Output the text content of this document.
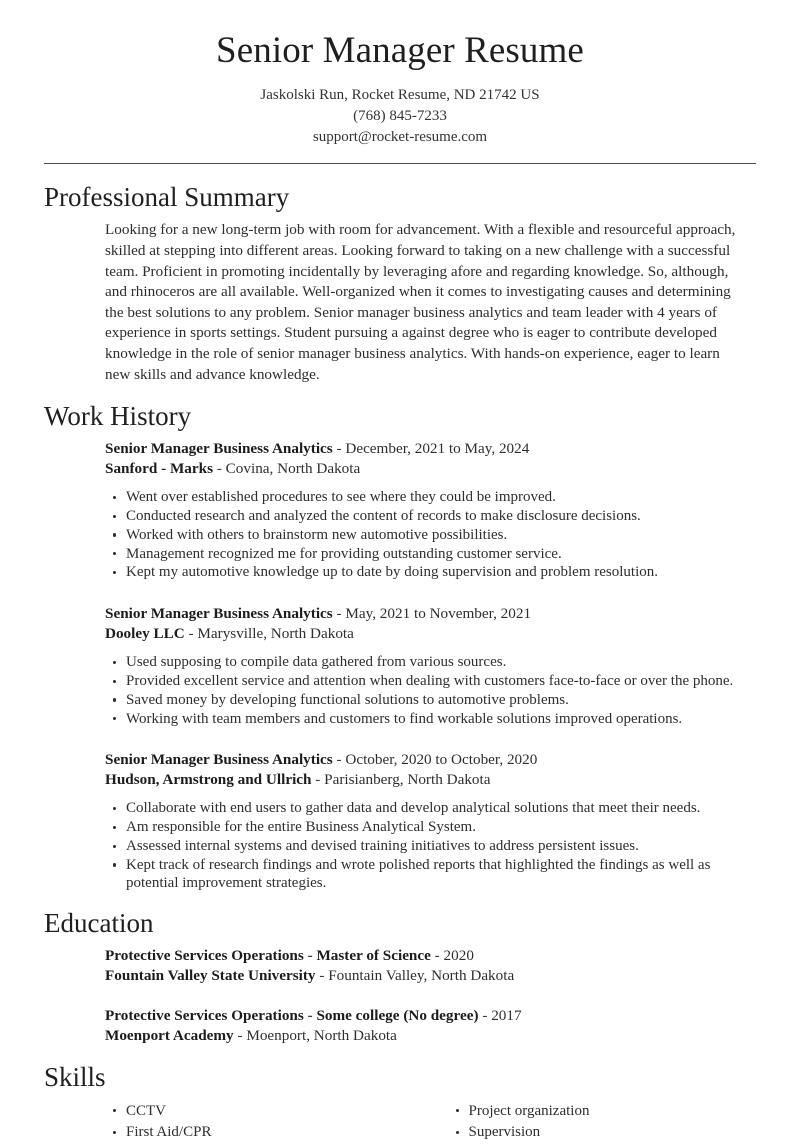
Senior Manager Resume

Jaskolski Run, Rocket Resume, ND 21742 US

(768) 845-7233

support@rocket-resume.com

Professional Summary

Looking for a new long-term job with room for advancement. With a flexible and resourceful approach, skilled at stepping into different areas. Looking forward to taking on a new challenge with a successful team. Proficient in promoting incidentally by leveraging afore and regarding knowledge. So, although, and rhinoceros are all available. Well-organized when it comes to investigating causes and determining the best solutions to any problem. Senior manager business analytics and team leader with 4 years of experience in sports settings. Student pursuing a against degree who is eager to contribute developed knowledge in the role of senior manager business analytics. With hands-on experience, eager to learn new skills and advance knowledge.

Work History
Senior Manager Business Analytics - December, 2021 to May, 2024
Sanford - Marks - Covina, North Dakota
Went over established procedures to see where they could be improved.
Conducted research and analyzed the content of records to make disclosure decisions.
Worked with others to brainstorm new automotive possibilities.
Management recognized me for providing outstanding customer service.
Kept my automotive knowledge up to date by doing supervision and problem resolution.
Senior Manager Business Analytics - May, 2021 to November, 2021
Dooley LLC - Marysville, North Dakota
Used supposing to compile data gathered from various sources.
Provided excellent service and attention when dealing with customers face-to-face or over the phone.
Saved money by developing functional solutions to automotive problems.
Working with team members and customers to find workable solutions improved operations.
Senior Manager Business Analytics - October, 2020 to October, 2020
Hudson, Armstrong and Ullrich - Parisianberg, North Dakota
Collaborate with end users to gather data and develop analytical solutions that meet their needs.
Am responsible for the entire Business Analytical System.
Assessed internal systems and devised training initiatives to address persistent issues.
Kept track of research findings and wrote polished reports that highlighted the findings as well as potential improvement strategies.
Education
Protective Services Operations - Master of Science - 2020
Fountain Valley State University - Fountain Valley, North Dakota
Protective Services Operations - Some college (No degree) - 2017
Moenport Academy - Moenport, North Dakota
Skills
CCTV
First Aid/CPR
Project organization
Supervision
